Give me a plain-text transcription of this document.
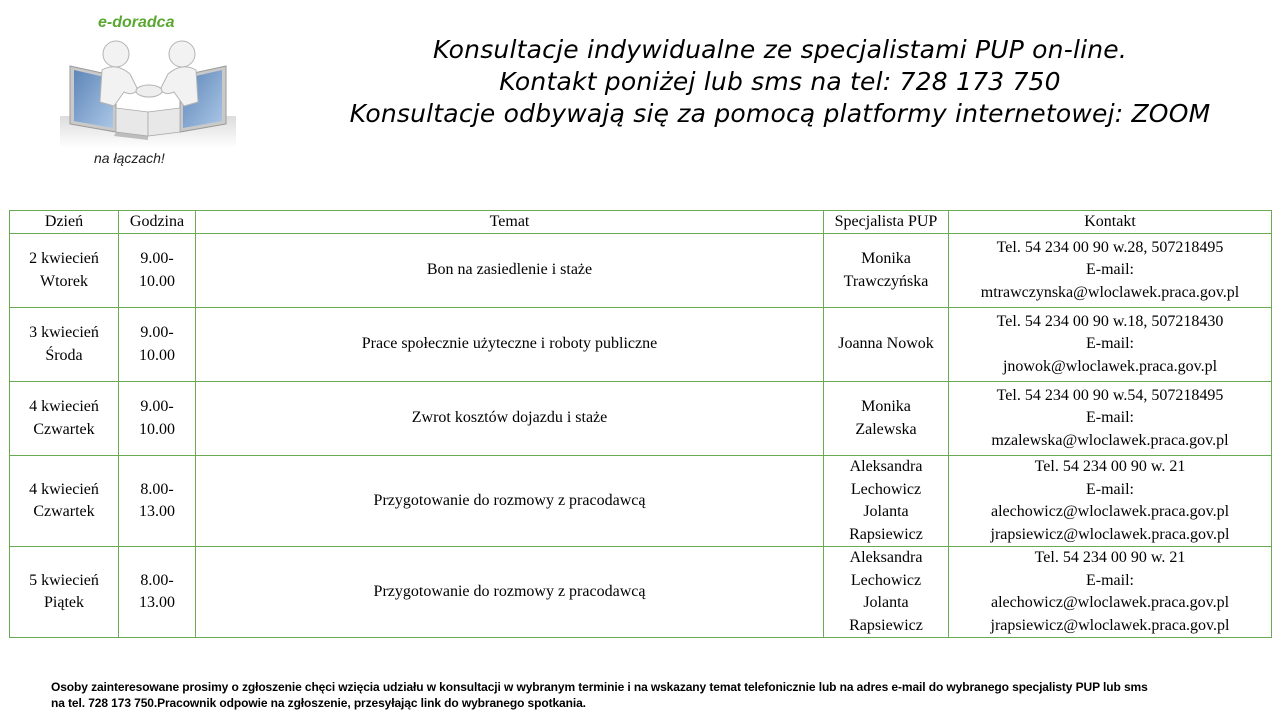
e-doradca
na łączach!
Konsultacje indywidualne ze specjalistami PUP on-line.
Kontakt poniżej lub sms na tel: 728 173 750
Konsultacje odbywają się za pomocą platformy internetowej: ZOOM
Dzień	Godzina	Temat	Specjalista PUP	Kontakt

2 kwiecień
Wtorek	9.00-
10.00	Bon na zasiedlenie i staże	Monika
Trawczyńska	Tel. 54 234 00 90 w.28, 507218495
E-mail:
mtrawczynska@wloclawek.praca.gov.pl

3 kwiecień
Środa	9.00-
10.00	Prace społecznie użyteczne i roboty publiczne	Joanna Nowok	Tel. 54 234 00 90 w.18, 507218430
E-mail:
jnowok@wloclawek.praca.gov.pl

4 kwiecień
Czwartek	9.00-
10.00	Zwrot kosztów dojazdu i staże	Monika
Zalewska	Tel. 54 234 00 90 w.54, 507218495
E-mail:
mzalewska@wloclawek.praca.gov.pl

4 kwiecień
Czwartek	8.00-
13.00	Przygotowanie do rozmowy z pracodawcą	Aleksandra
Lechowicz
Jolanta
Rapsiewicz	Tel. 54 234 00 90 w. 21
E-mail:
alechowicz@wloclawek.praca.gov.pl
jrapsiewicz@wloclawek.praca.gov.pl

5 kwiecień
Piątek	8.00-
13.00	Przygotowanie do rozmowy z pracodawcą	Aleksandra
Lechowicz
Jolanta
Rapsiewicz	Tel. 54 234 00 90 w. 21
E-mail:
alechowicz@wloclawek.praca.gov.pl
jrapsiewicz@wloclawek.praca.gov.pl
Osoby zainteresowane prosimy o zgłoszenie chęci wzięcia udziału w konsultacji w wybranym terminie i na wskazany temat telefonicznie lub na adres e-mail do wybranego specjalisty PUP lub sms
na tel. 728 173 750.Pracownik odpowie na zgłoszenie, przesyłając link do wybranego spotkania.
